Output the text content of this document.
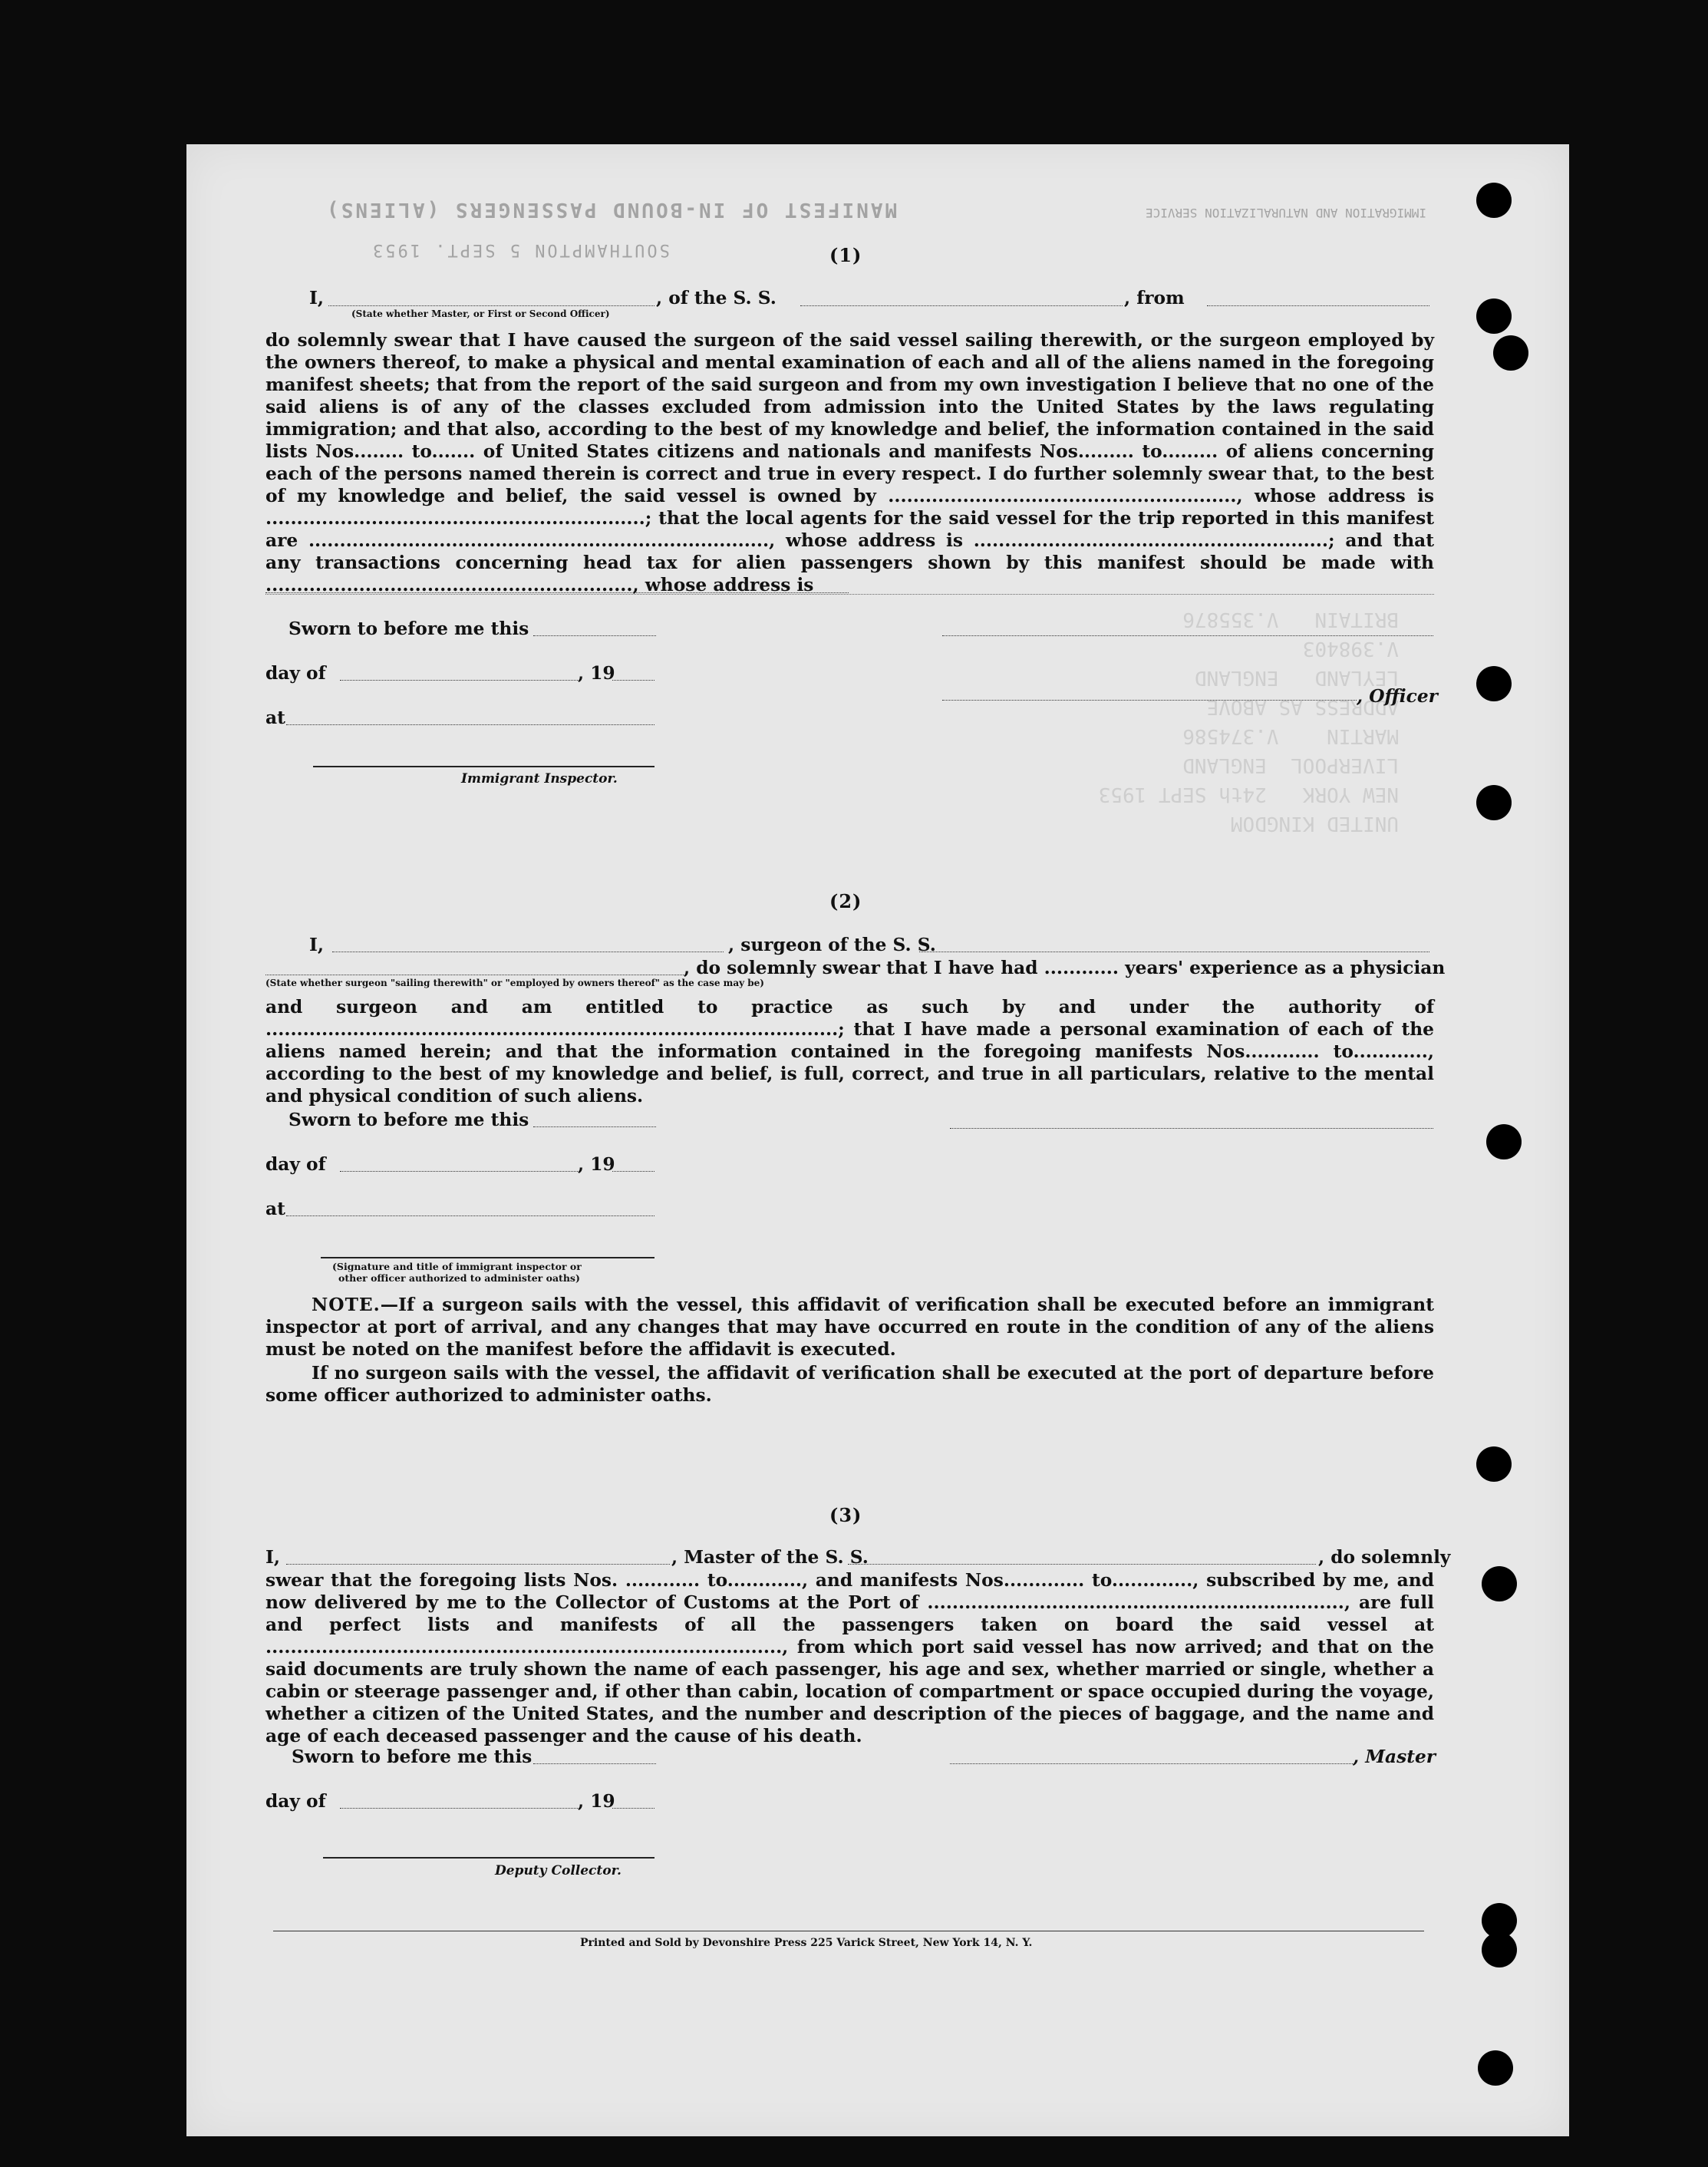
MANIFEST OF IN-BOUND PASSENGERS (ALIENS)
SOUTHAMPTON 5 SEPT. 1953
IMMIGRATION AND NATURALIZATION SERVICE
UNITED KINGDOM
NEW YORK   24th SEPT 1953
LIVERPOOL  ENGLAND
MARTIN    V.374586
ADDRESS AS ABOVE
LEYLAND   ENGLAND
V.398403
BRITAIN   V.355876
(1)
I,	, of the S. S.	, from
(State whether Master, or First or Second Officer)
do solemnly swear that I have caused the surgeon of the said vessel sailing therewith, or the surgeon employed by the owners thereof, to make a physical and mental examination of each and all of the aliens named in the foregoing manifest sheets; that from the report of the said surgeon and from my own investigation I believe that no one of the said aliens is of any of the classes excluded from admission into the United States by the laws regulating immigration; and that also, according to the best of my knowledge and belief, the information contained in the said lists Nos........ to....... of United States citizens and nationals and manifests Nos......... to......... of aliens concerning each of the persons named therein is correct and true in every respect. I do further solemnly swear that, to the best of my knowledge and belief, the said vessel is owned by ........................................................, whose address is .............................................................; that the local agents for the said vessel for the trip reported in this manifest are .........................................................................., whose address is .........................................................; and that any transactions concerning head tax for alien passengers shown by this manifest should be made with ..........................................................., whose address is
Sworn to before me this
day of	, 19
, Officer
at
Immigrant Inspector.
(2)
I,	, surgeon of the S. S.
, do solemnly swear that I have had ............ years' experience as a physician
(State whether surgeon "sailing therewith" or "employed by owners thereof" as the case may be)
and surgeon and am entitled to practice as such by and under the authority of ............................................................................................; that I have made a personal examination of each of the aliens named herein; and that the information contained in the foregoing manifests Nos............ to............, according to the best of my knowledge and belief, is full, correct, and true in all particulars, relative to the mental and physical condition of such aliens.
Sworn to before me this
day of	, 19
at
(Signature and title of immigrant inspector or
other officer authorized to administer oaths)
NOTE.—If a surgeon sails with the vessel, this affidavit of verification shall be executed before an immigrant inspector at port of arrival, and any changes that may have occurred en route in the condition of any of the aliens must be noted on the manifest before the affidavit is executed.
If no surgeon sails with the vessel, the affidavit of verification shall be executed at the port of departure before some officer authorized to administer oaths.
(3)
I,	, Master of the S. S.	, do solemnly
swear that the foregoing lists Nos. ............ to............, and manifests Nos............. to............., subscribed by me, and now delivered by me to the Collector of Customs at the Port of ..................................................................., are full and perfect lists and manifests of all the passengers taken on board the said vessel at ..................................................................................., from which port said vessel has now arrived; and that on the said documents are truly shown the name of each passenger, his age and sex, whether married or single, whether a cabin or steerage passenger and, if other than cabin, location of compartment or space occupied during the voyage, whether a citizen of the United States, and the number and description of the pieces of baggage, and the name and age of each deceased passenger and the cause of his death.
Sworn to before me this	, Master
day of	, 19
Deputy Collector.
Printed and Sold by Devonshire Press 225 Varick Street, New York 14, N. Y.
